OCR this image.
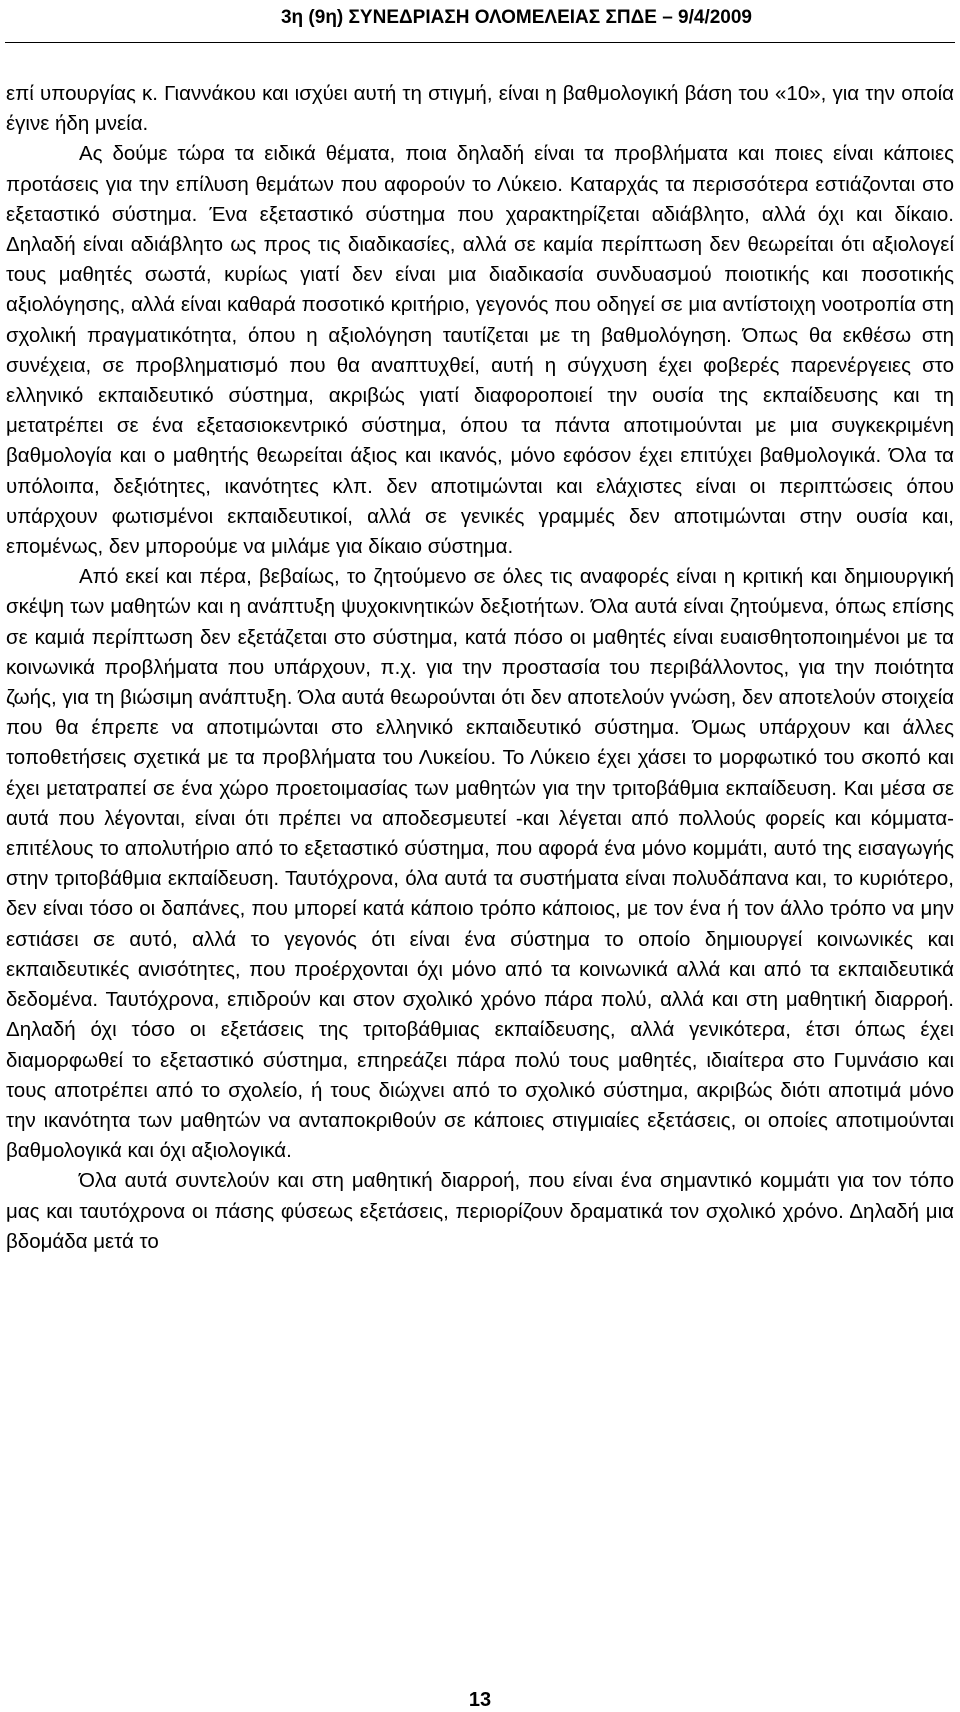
3η (9η) ΣΥΝΕΔΡΙΑΣΗ ΟΛΟΜΕΛΕΙΑΣ ΣΠΔΕ – 9/4/2009

επί υπουργίας κ. Γιαννάκου και ισχύει αυτή τη στιγμή, είναι η βαθμολογική βάση του «10», για την οποία έγινε ήδη μνεία.

Ας δούμε τώρα τα ειδικά θέματα, ποια δηλαδή είναι τα προβλήματα και ποιες είναι κάποιες προτάσεις για την επίλυση θεμάτων που αφορούν το Λύκειο. Καταρχάς τα περισσότερα εστιάζονται στο εξεταστικό σύστημα. Ένα εξεταστικό σύστημα που χαρακτηρίζεται αδιάβλητο, αλλά όχι και δίκαιο. Δηλαδή είναι αδιάβλητο ως προς τις διαδικασίες, αλλά σε καμία περίπτωση δεν θεωρείται ότι αξιολογεί τους μαθητές σωστά, κυρίως γιατί δεν είναι μια διαδικασία συνδυασμού ποιοτικής και ποσοτικής αξιολόγησης, αλλά είναι καθαρά ποσοτικό κριτήριο, γεγονός που οδηγεί σε μια αντίστοιχη νοοτροπία στη σχολική πραγματικότητα, όπου η αξιολόγηση ταυτίζεται με τη βαθμολόγηση. Όπως θα εκθέσω στη συνέχεια, σε προβληματισμό που θα αναπτυχθεί, αυτή η σύγχυση έχει φοβερές παρενέργειες στο ελληνικό εκπαιδευτικό σύστημα, ακριβώς γιατί διαφοροποιεί την ουσία της εκπαίδευσης και τη μετατρέπει σε ένα εξετασιοκεντρικό σύστημα, όπου τα πάντα αποτιμούνται με μια συγκεκριμένη βαθμολογία και ο μαθητής θεωρείται άξιος και ικανός, μόνο εφόσον έχει επιτύχει βαθμολογικά. Όλα τα υπόλοιπα, δεξιότητες, ικανότητες κλπ. δεν αποτιμώνται και ελάχιστες είναι οι περιπτώσεις όπου υπάρχουν φωτισμένοι εκπαιδευτικοί, αλλά σε γενικές γραμμές δεν αποτιμώνται στην ουσία και, επομένως, δεν μπορούμε να μιλάμε για δίκαιο σύστημα.

Από εκεί και πέρα, βεβαίως, το ζητούμενο σε όλες τις αναφορές είναι η κριτική και δημιουργική σκέψη των μαθητών και η ανάπτυξη ψυχοκινητικών δεξιοτήτων. Όλα αυτά είναι ζητούμενα, όπως επίσης σε καμιά περίπτωση δεν εξετάζεται στο σύστημα, κατά πόσο οι μαθητές είναι ευαισθητοποιημένοι με τα κοινωνικά προβλήματα που υπάρχουν, π.χ. για την προστασία του περιβάλλοντος, για την ποιότητα ζωής, για τη βιώσιμη ανάπτυξη. Όλα αυτά θεωρούνται ότι δεν αποτελούν γνώση, δεν αποτελούν στοιχεία που θα έπρεπε να αποτιμώνται στο ελληνικό εκπαιδευτικό σύστημα. Όμως υπάρχουν και άλλες τοποθετήσεις σχετικά με τα προβλήματα του Λυκείου. Το Λύκειο έχει χάσει το μορφωτικό του σκοπό και έχει μετατραπεί σε ένα χώρο προετοιμασίας των μαθητών για την τριτοβάθμια εκπαίδευση. Και μέσα σε αυτά που λέγονται, είναι ότι πρέπει να αποδεσμευτεί -και λέγεται από πολλούς φορείς και κόμματα- επιτέλους το απολυτήριο από το εξεταστικό σύστημα, που αφορά ένα μόνο κομμάτι, αυτό της εισαγωγής στην τριτοβάθμια εκπαίδευση. Ταυτόχρονα, όλα αυτά τα συστήματα είναι πολυδάπανα και, το κυριότερο, δεν είναι τόσο οι δαπάνες, που μπορεί κατά κάποιο τρόπο κάποιος, με τον ένα ή τον άλλο τρόπο να μην εστιάσει σε αυτό, αλλά το γεγονός ότι είναι ένα σύστημα το οποίο δημιουργεί κοινωνικές και εκπαιδευτικές ανισότητες, που προέρχονται όχι μόνο από τα κοινωνικά αλλά και από τα εκπαιδευτικά δεδομένα. Ταυτόχρονα, επιδρούν και στον σχολικό χρόνο πάρα πολύ, αλλά και στη μαθητική διαρροή. Δηλαδή όχι τόσο οι εξετάσεις της τριτοβάθμιας εκπαίδευσης, αλλά γενικότερα, έτσι όπως έχει διαμορφωθεί το εξεταστικό σύστημα, επηρεάζει πάρα πολύ τους μαθητές, ιδιαίτερα στο Γυμνάσιο και τους αποτρέπει από το σχολείο, ή τους διώχνει από το σχολικό σύστημα, ακριβώς διότι αποτιμά μόνο την ικανότητα των μαθητών να ανταποκριθούν σε κάποιες στιγμιαίες εξετάσεις, οι οποίες αποτιμούνται βαθμολογικά και όχι αξιολογικά.

Όλα αυτά συντελούν και στη μαθητική διαρροή, που είναι ένα σημαντικό κομμάτι για τον τόπο μας και ταυτόχρονα οι πάσης φύσεως εξετάσεις, περιορίζουν δραματικά τον σχολικό χρόνο. Δηλαδή μια βδομάδα μετά το

13
